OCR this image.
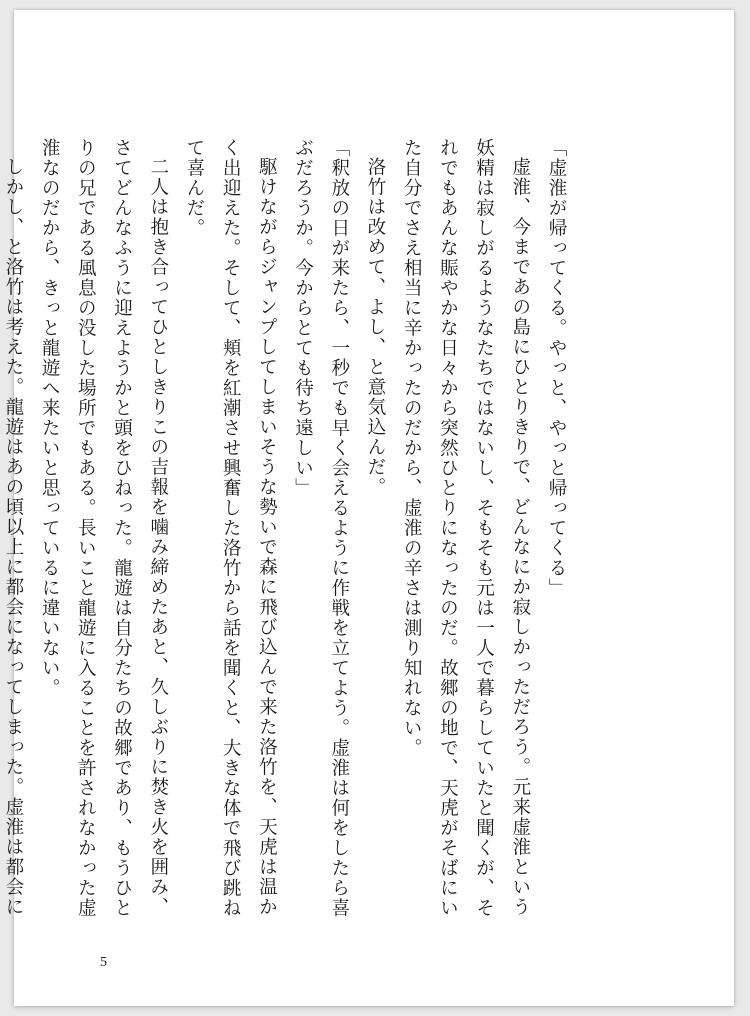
「虚淮が帰ってくる。やっと、やっと帰ってくる」

虚淮、今まであの島にひとりきりで、どんなにか寂しかっただろう。元来虚淮という妖精は寂しがるようなたちではないし、そもそも元は一人で暮らしていたと聞くが、それでもあんな賑やかな日々から突然ひとりになったのだ。故郷の地で、天虎がそばにいた自分でさえ相当に辛かったのだから、虚淮の辛さは測り知れない。

洛竹は改めて、よし、と意気込んだ。

「釈放の日が来たら、一秒でも早く会えるように作戦を立てよう。虚淮は何をしたら喜ぶだろうか。今からとても待ち遠しい」

駆けながらジャンプしてしまいそうな勢いで森に飛び込んで来た洛竹を、天虎は温かく出迎えた。そして、頬を紅潮させ興奮した洛竹から話を聞くと、大きな体で飛び跳ねて喜んだ。

二人は抱き合ってひとしきりこの吉報を噛み締めたあと、久しぶりに焚き火を囲み、さてどんなふうに迎えようかと頭をひねった。龍遊は自分たちの故郷であり、もうひとりの兄である風息の没した場所でもある。長いこと龍遊に入ることを許されなかった虚淮なのだから、きっと龍遊へ来たいと思っているに違いない。

しかし、と洛竹は考えた。龍遊はあの頃以上に都会になってしまった。虚淮は都会に

5
